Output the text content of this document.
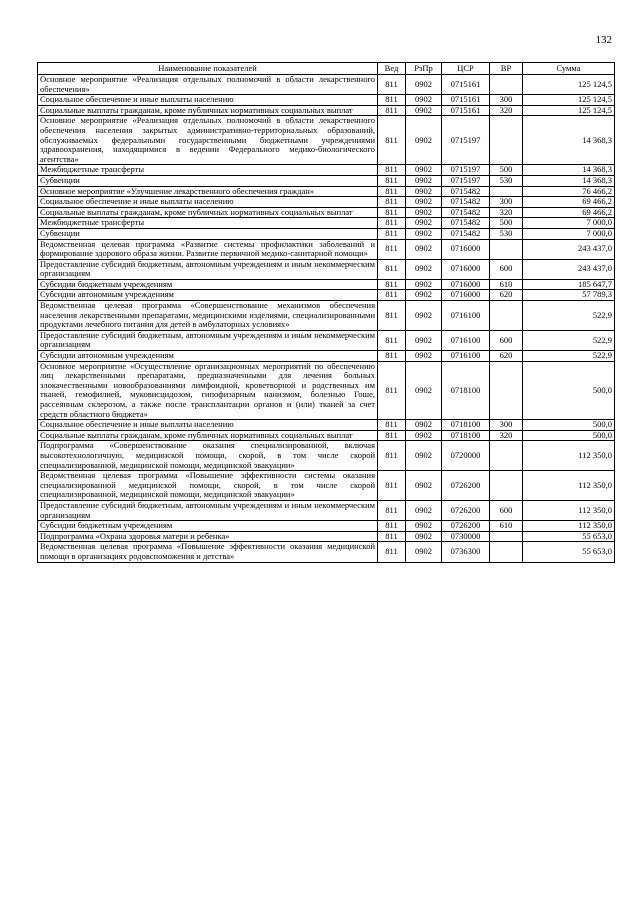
132
Наименование показателей	Вед	РзПр	ЦСР	ВР	Сумма
Основное мероприятие «Реализация отдельных полномочий в области лекарственного обеспечения»	811	0902	0715161		125 124,5
Социальное обеспечение и иные выплаты населению	811	0902	0715161	300	125 124,5
Социальные выплаты гражданам, кроме публичных нормативных социальных выплат	811	0902	0715161	320	125 124,5
Основное мероприятие «Реализация отдельных полномочий в области лекарственного обеспечения населения закрытых административно-территориальных образований, обслуживаемых федеральными государственными бюджетными учреждениями здравоохранения, находящимися в ведении Федерального медико-биологического агентства»	811	0902	0715197		14 368,3
Межбюджетные трансферты	811	0902	0715197	500	14 368,3
Субвенции	811	0902	0715197	530	14 368,3
Основное мероприятие «Улучшение лекарственного обеспечения граждан»	811	0902	0715482		76 466,2
Социальное обеспечение и иные выплаты населению	811	0902	0715482	300	69 466,2
Социальные выплаты гражданам, кроме публичных нормативных социальных выплат	811	0902	0715482	320	69 466,2
Межбюджетные трансферты	811	0902	0715482	500	7 000,0
Субвенции	811	0902	0715482	530	7 000,0
Ведомственная целевая программа «Развитие системы профилактики заболеваний и формирование здорового образа жизни. Развитие первичной медико-санитарной помощи»	811	0902	0716000		243 437,0
Предоставление субсидий бюджетным, автономным учреждениям и иным некоммерческим организациям	811	0902	0716000	600	243 437,0
Субсидии бюджетным учреждениям	811	0902	0716000	610	185 647,7
Субсидии автономным учреждениям	811	0902	0716000	620	57 789,3
Ведомственная целевая программа «Совершенствование механизмов обеспечения населения лекарственными препаратами, медицинскими изделиями, специализированными продуктами лечебного питания для детей в амбулаторных условиях»	811	0902	0716100		522,9
Предоставление субсидий бюджетным, автономным учреждениям и иным некоммерческим организациям	811	0902	0716100	600	522,9
Субсидии автономным учреждениям	811	0902	0716100	620	522,9
Основное мероприятие «Осуществление организационных мероприятий по обеспечению лиц лекарственными препаратами, предназначенными для лечения больных злокачественными новообразованиями лимфоидной, кроветворной и родственных им тканей, гемофилией, муковисцидозом, гипофизарным нанизмом, болезнью Гоше, рассеянным склерозом, а также после трансплантации органов и (или) тканей за счет средств областного бюджета»	811	0902	0718100		500,0
Социальное обеспечение и иные выплаты населению	811	0902	0718100	300	500,0
Социальные выплаты гражданам, кроме публичных нормативных социальных выплат	811	0902	0718100	320	500,0
Подпрограмма «Совершенствование оказания специализированной, включая высокотехнологичную, медицинской помощи, скорой, в том числе скорой специализированной, медицинской помощи, медицинской эвакуации»	811	0902	0720000		112 350,0
Ведомственная целевая программа «Повышение эффективности системы оказания специализированной медицинской помощи, скорой, в том числе скорой специализированной, медицинской помощи, медицинской эвакуации»	811	0902	0726200		112 350,0
Предоставление субсидий бюджетным, автономным учреждениям и иным некоммерческим организациям	811	0902	0726200	600	112 350,0
Субсидии бюджетным учреждениям	811	0902	0726200	610	112 350,0
Подпрограмма «Охрана здоровья матери и ребенка»	811	0902	0730000		55 653,0
Ведомственная целевая программа «Повышение эффективности оказания медицинской помощи в организациях родовспоможения и детства»	811	0902	0736300		55 653,0
